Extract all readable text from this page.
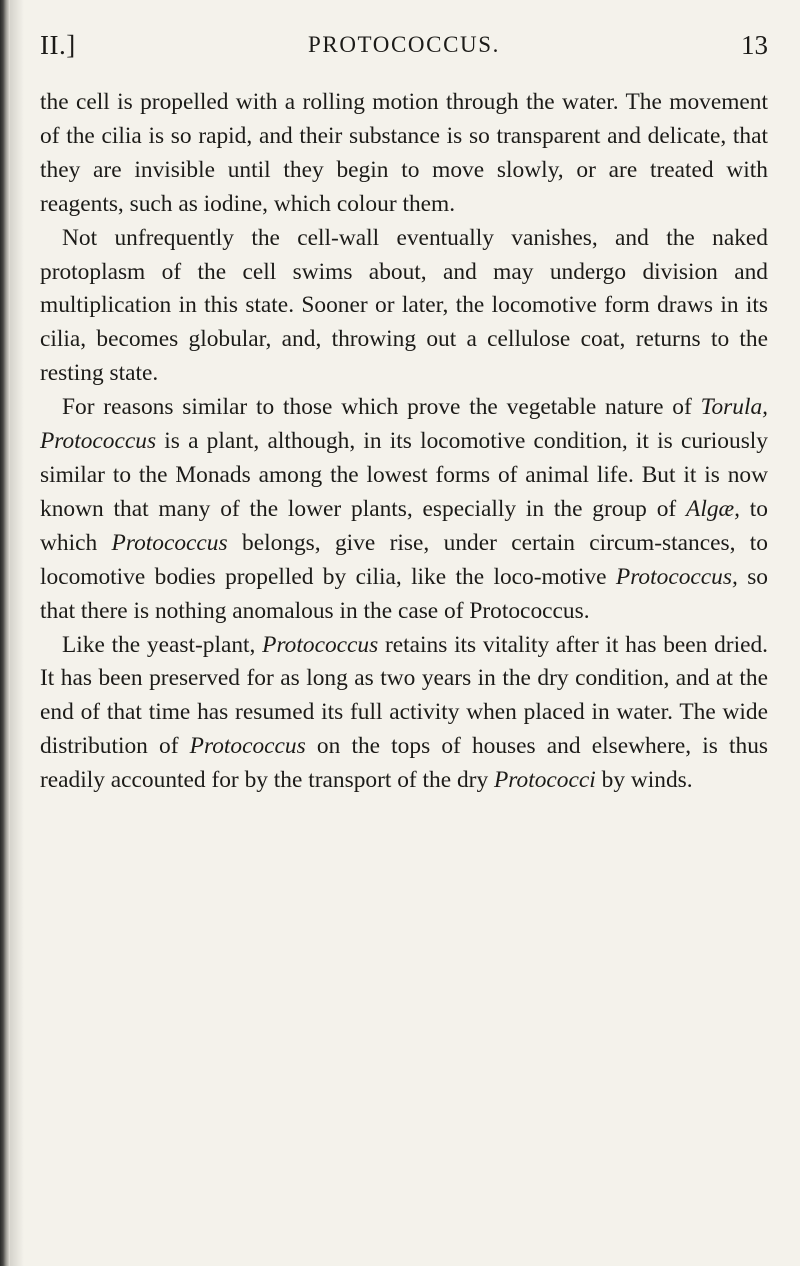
II.]	PROTOCOCCUS.	13

the cell is propelled with a rolling motion through the water. The movement of the cilia is so rapid, and their substance is so transparent and delicate, that they are invisible until they begin to move slowly, or are treated with reagents, such as iodine, which colour them.

Not unfrequently the cell-wall eventually vanishes, and the naked protoplasm of the cell swims about, and may undergo division and multiplication in this state. Sooner or later, the locomotive form draws in its cilia, becomes globular, and, throwing out a cellulose coat, returns to the resting state.

For reasons similar to those which prove the vegetable nature of Torula, Protococcus is a plant, although, in its locomotive condition, it is curiously similar to the Monads among the lowest forms of animal life. But it is now known that many of the lower plants, especially in the group of Algæ, to which Protococcus belongs, give rise, under certain circum-stances, to locomotive bodies propelled by cilia, like the loco-motive Protococcus, so that there is nothing anomalous in the case of Protococcus.

Like the yeast-plant, Protococcus retains its vitality after it has been dried. It has been preserved for as long as two years in the dry condition, and at the end of that time has resumed its full activity when placed in water. The wide distribution of Protococcus on the tops of houses and elsewhere, is thus readily accounted for by the transport of the dry Protococci by winds.
